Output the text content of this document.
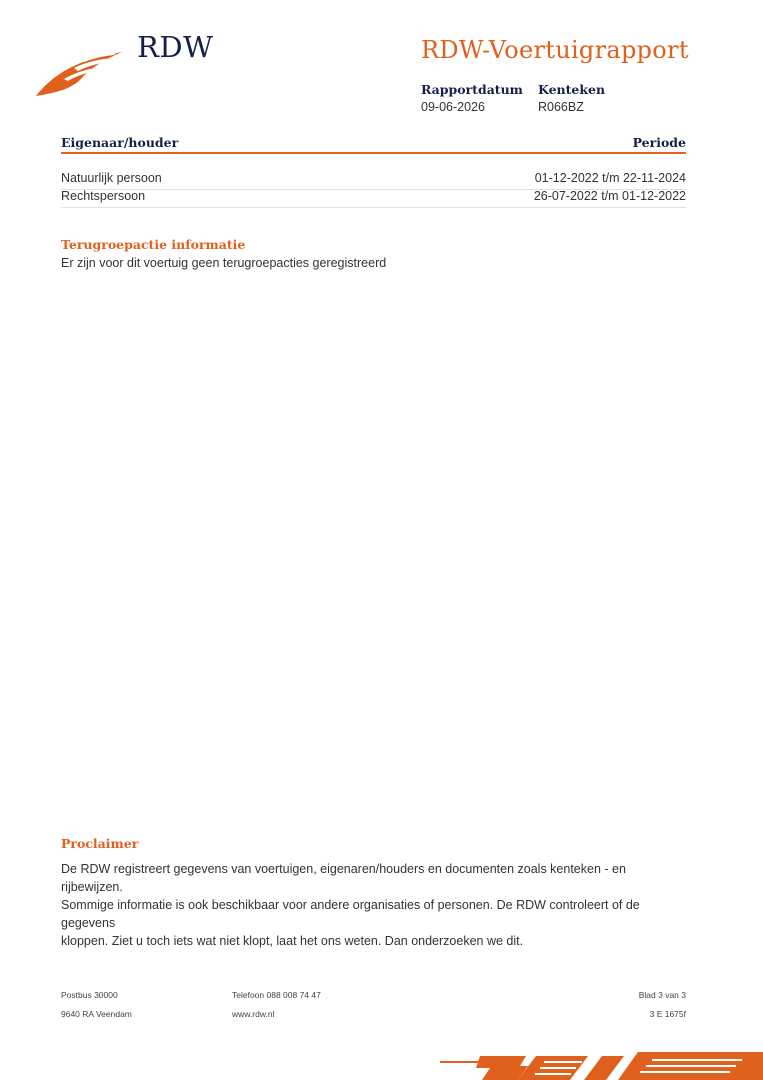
RDW	RDW-Voertuigrapport
Rapportdatum
09-06-2026
Kenteken
R066BZ
Eigenaar/houder	Periode
Natuurlijk persoon	01-12-2022 t/m 22-11-2024
Rechtspersoon	26-07-2022 t/m 01-12-2022
Terugroepactie informatie
Er zijn voor dit voertuig geen terugroepacties geregistreerd
Proclaimer
De RDW registreert gegevens van voertuigen, eigenaren/houders en documenten zoals kenteken - en rijbewijzen.
Sommige informatie is ook beschikbaar voor andere organisaties of personen. De RDW controleert of de gegevens
kloppen. Ziet u toch iets wat niet klopt, laat het ons weten. Dan onderzoeken we dit.
Postbus 30000
9640 RA Veendam
Telefoon 088 008 74 47
www.rdw.nl
Blad 3 van 3
3 E 1675f
